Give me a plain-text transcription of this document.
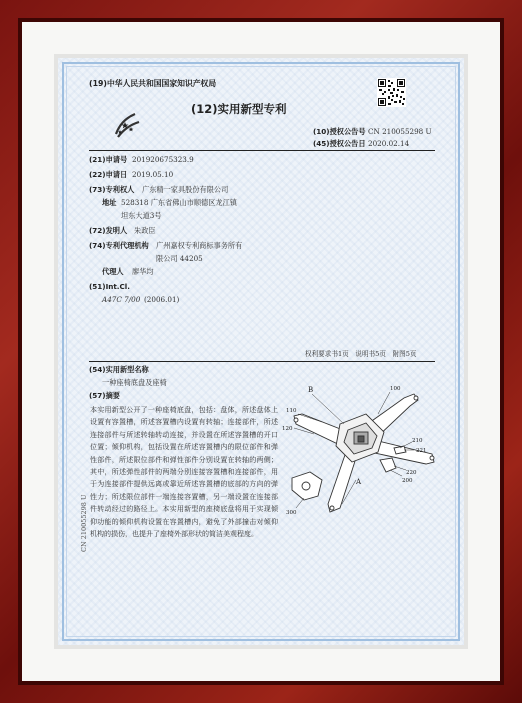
(19)中华人民共和国国家知识产权局
(12)实用新型专利
(10)授权公告号 CN 210055298 U
(45)授权公告日 2020.02.14
(21)申请号 201920675323.9
(22)申请日 2019.05.10
(73)专利权人 广东精一家具股份有限公司
地址 528318 广东省佛山市顺德区龙江镇
坦东大道3号
(72)发明人 朱政臣
(74)专利代理机构 广州嘉权专利商标事务所有
限公司 44205
代理人 廖华均
(51)Int.Cl.
A47C 7/00 (2006.01)
权利要求书1页　说明书5页　附图5页
(54)实用新型名称
一种座椅底盘及座椅
(57)摘要
本实用新型公开了一种座椅底盘，包括：盘体，所述盘体上设置有容置槽，所述容置槽内设置有转轴；连接部件，所述连接部件与所述转轴转动连接，并设置在所述容置槽的开口位置；倾仰机构，包括设置在所述容置槽内的限位部件和弹性部件，所述限位部件和弹性部件分别设置在转轴的两侧；其中，所述弹性部件的两端分别连接容置槽和连接部件，用于为连接部件提供远离或靠近所述容置槽的底部的方向的弹性力；所述限位部件一端连接容置槽，另一端设置在连接部件转动经过的路径上。本实用新型的座椅底盘将用于实现倾仰功能的倾仰机构设置在容置槽内，避免了外部撞击对倾仰机构的损伤，也提升了座椅外部形状的简洁美观程度。
B	100
110
120
210
221
220
200
300
A
CN 210055298 U
